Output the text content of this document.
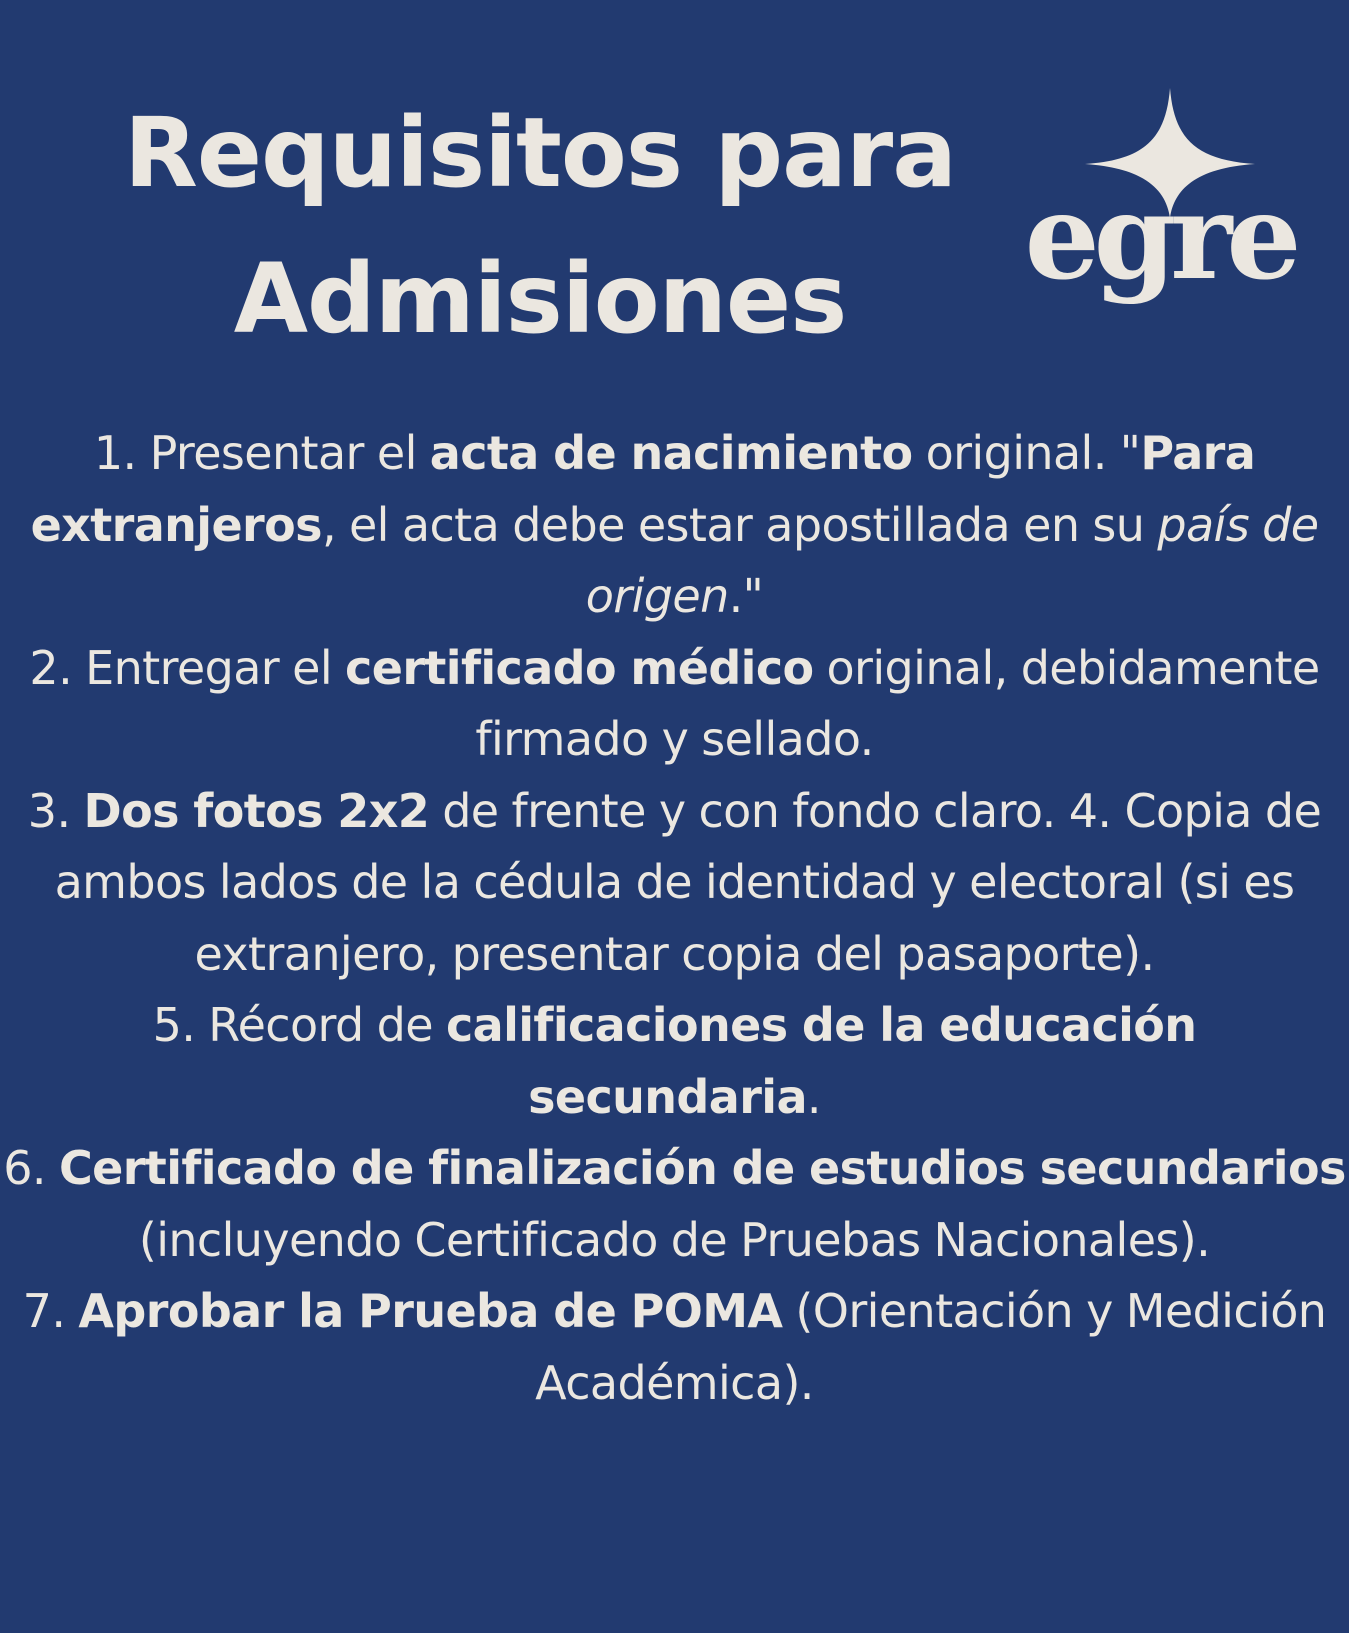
Requisitos para
Admisiones	egre

1. Presentar el acta de nacimiento original. "Para extranjeros, el acta debe estar apostillada en su país de origen."
2. Entregar el certificado médico original, debidamente firmado y sellado.
3. Dos fotos 2x2 de frente y con fondo claro. 4. Copia de ambos lados de la cédula de identidad y electoral (si es extranjero, presentar copia del pasaporte).
5. Récord de calificaciones de la educación secundaria.
6. Certificado de finalización de estudios secundarios (incluyendo Certificado de Pruebas Nacionales).
7. Aprobar la Prueba de POMA (Orientación y Medición Académica).
